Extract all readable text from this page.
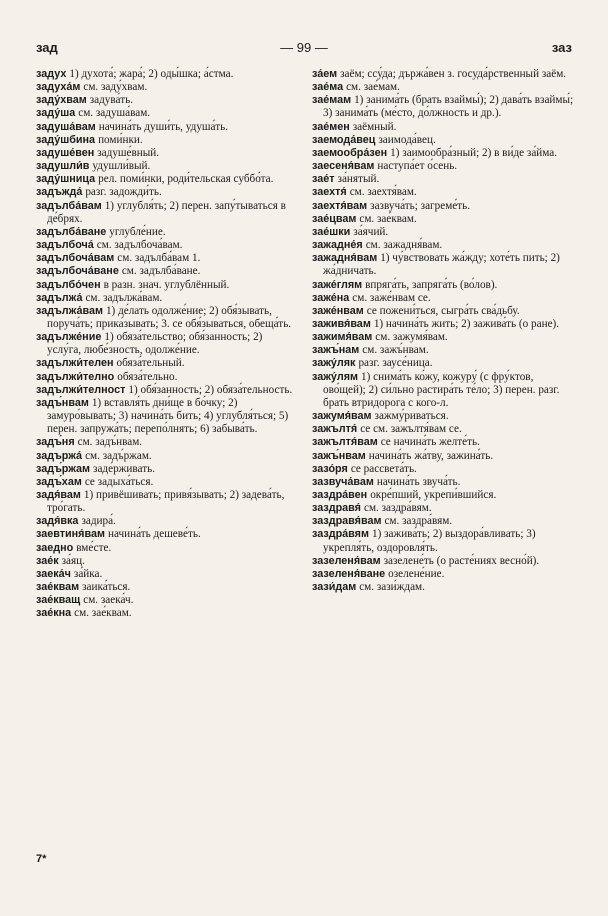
зад	— 99 —	заз

задух 1) духота́; жара́; 2) оды́шка; а́стма.

задуха́м см. заду́хвам.

заду́хвам задува́ть.

заду́ша см. задуша́вам.

задуша́вам начина́ть души́ть, удуша́ть.

заду́шбина поми́нки.

задуше́вен задуше́вный.

задушли́в удушли́вый.

заду́шница рел. поми́нки, роди́тельская суббо́та.

задъжда́ разг. задожди́ть.

задълба́вам 1) углубля́ть; 2) перен. запу́тываться в де́брях.

задълба́ване углубле́ние.

задълбоча́ см. задълбоча́вам.

задълбоча́вам см. задълба́вам 1.

задълбоча́ване см. задълба́ване.

задълбо́чен в разн. знач. углублённый.

задължа́ см. задължа́вам.

задължа́вам 1) де́лать одолже́ние; 2) обя́зывать, поруча́ть; прика́зывать; 3. се обя́зываться, обеща́ть.

задълже́ние 1) обяза́тельство; обя́занность; 2) услу́га, любе́зность, одолже́ние.

задължи́телен обяза́тельный.

задължи́телно обяза́тельно.

задължи́телност 1) обя́занность; 2) обяза́тельность.

задъ́нвам 1) вставля́ть дни́ще в бо́чку; 2) замуро́вывать; 3) начина́ть бить; 4) углубля́ться; 5) перен. запружа́ть; перепо́лнять; 6) забыва́ть.

задъ́ня см. задъ́нвам.

задържа́ см. задъ́ржам.

задъ́ржам заде́рживать.

задъ́хам се задыха́ться.

задя́вам 1) привёшивать; привя́зывать; 2) задева́ть, тро́гать.

задя́вка задира́.

заевтиня́вам начина́ть дешеве́ть.

заедно вме́сте.

зае́к за́яц.

заека́ч за́йка.

зае́квам заика́ться.

зае́кващ см. заека́ч.

зае́кна см. зае́квам.

за́ем заём; ссу́да; държа́вен з. госуда́рственный заём.

зае́ма см. зае́мам.

зае́мам 1) занима́ть (брать взаймы́); 2) дава́ть взаймы́; 3) занима́ть (ме́сто, до́лжность и др.).

зае́мен заёмный.

заемода́вец заимода́вец.

заемообра́зен 1) заимообра́зный; 2) в ви́де за́йма.

заесеня́вам наступа́ет о́сень.

зае́т за́нятый.

заехтя́ см. заехтя́вам.

заехтя́вам зазвуча́ть; загреме́ть.

зае́цвам см. зае́квам.

зае́шки за́ячий.

зажадне́я см. зажадня́вам.

зажадня́вам 1) чу́вствовать жа́жду; хоте́ть пить; 2) жа́дничать.

заже́глям впряга́ть, запряга́ть (во́лов).

заже́на см. заже́нвам се.

заже́нвам се пожени́ться, сыгра́ть сва́дьбу.

заживя́вам 1) начина́ть жить; 2) зажива́ть (о ране).

зажимя́вам см. зажумя́вам.

зажъ́нам см. зажъ́нвам.

зажу́ляк разг. заусе́ница.

зажу́лям 1) снима́ть ко́жу, кожуру́ (с фру́ктов, ово́щей); 2) си́льно растира́ть те́ло; 3) перен. разг. брать втридорога с кого-л.

зажумя́вам зажму́риваться.

зажълтя́ се см. зажълтя́вам се.

зажълтя́вам се начина́ть желте́ть.

зажъ́нвам начина́ть жа́тву, зажина́ть.

зазо́ря се рассвета́ть.

зазвуча́вам начина́ть звуча́ть.

заздра́вен окре́пший, укрепи́вшийся.

заздравя́ см. заздра́вям.

заздравя́вам см. заздра́вям.

заздра́вям 1) зажива́ть; 2) выздора́вливать; 3) укрепля́ть, оздоровля́ть.

зазеленя́вам зазелене́ть (о расте́ниях весно́й).

зазеленя́ване озелене́ние.

зази́дам см. зази́ждам.

7*
